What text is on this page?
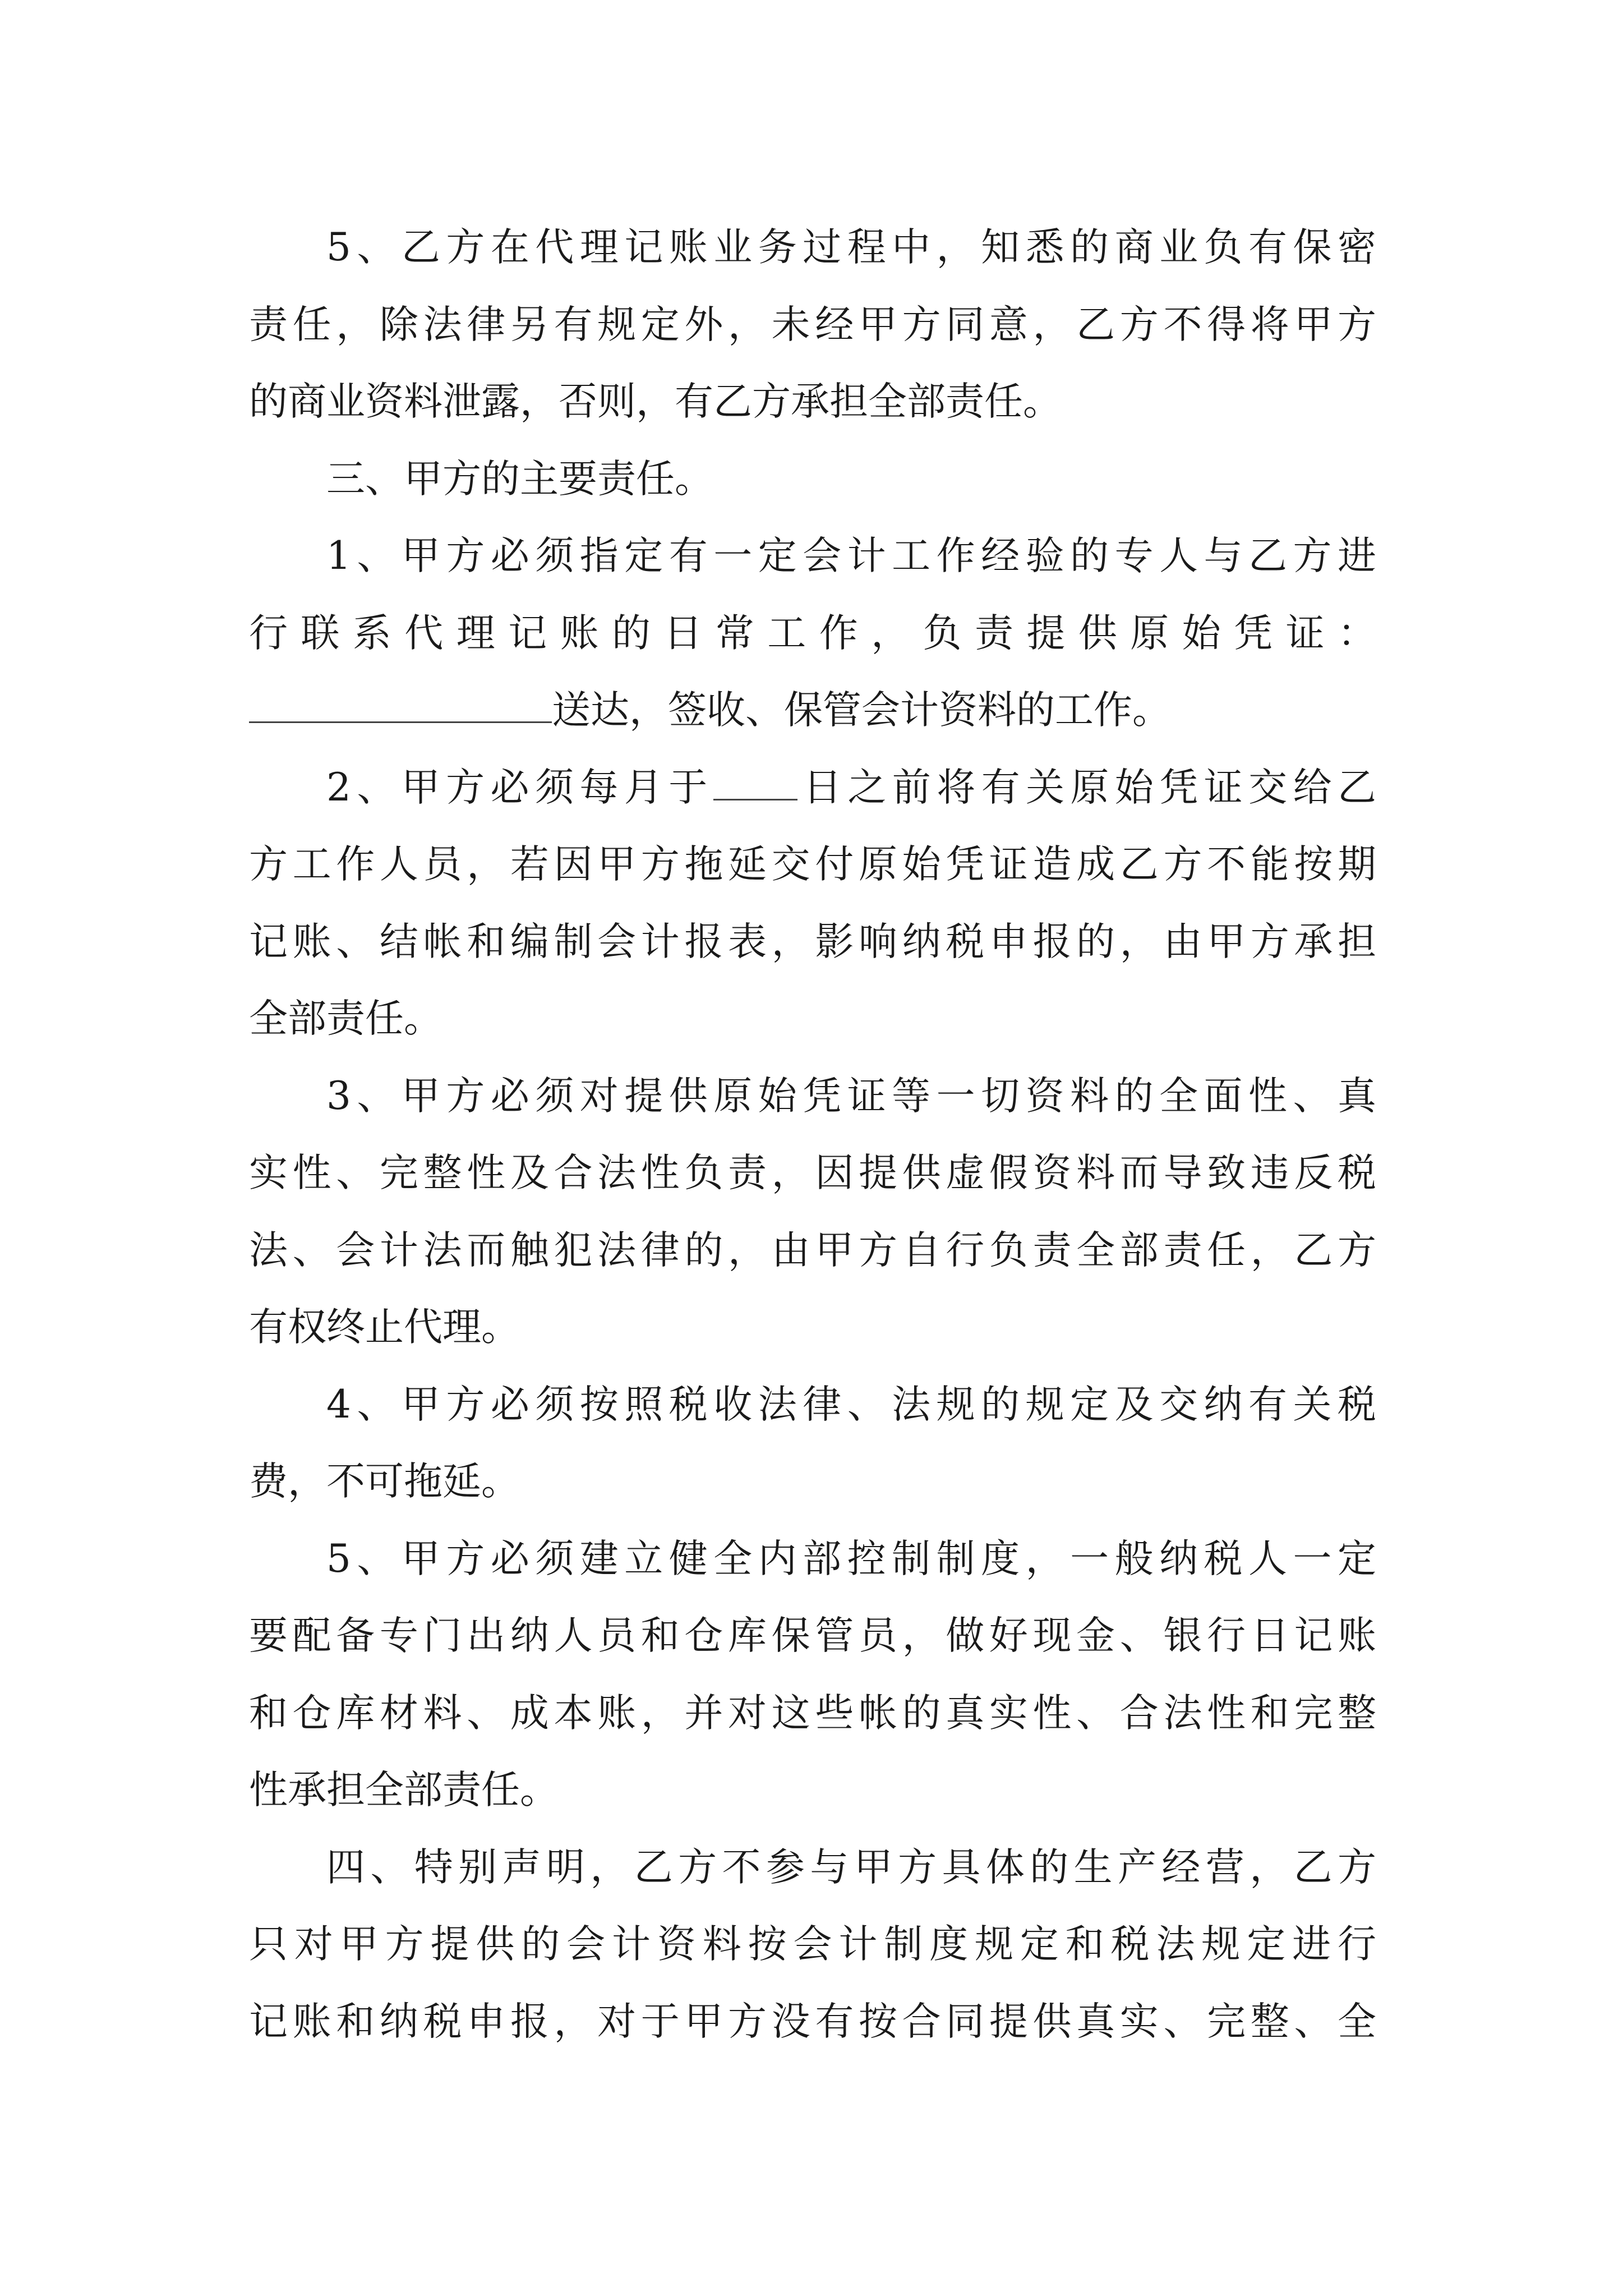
5、乙方在代理记账业务过程中，知悉的商业负有保密
责任，除法律另有规定外，未经甲方同意，乙方不得将甲方
的商业资料泄露，否则，有乙方承担全部责任。
三、甲方的主要责任。
1、甲方必须指定有一定会计工作经验的专人与乙方进
行联系代理记账的日常工作，负责提供原始凭证：
送达，签收、保管会计资料的工作。
2、甲方必须每月于 日之前将有关原始凭证交给乙
方工作人员，若因甲方拖延交付原始凭证造成乙方不能按期
记账、结帐和编制会计报表，影响纳税申报的，由甲方承担
全部责任。
3、甲方必须对提供原始凭证等一切资料的全面性、真
实性、完整性及合法性负责，因提供虚假资料而导致违反税
法、会计法而触犯法律的，由甲方自行负责全部责任，乙方
有权终止代理。
4、甲方必须按照税收法律、法规的规定及交纳有关税
费，不可拖延。
5、甲方必须建立健全内部控制制度，一般纳税人一定
要配备专门出纳人员和仓库保管员，做好现金、银行日记账
和仓库材料、成本账，并对这些帐的真实性、合法性和完整
性承担全部责任。
四、特别声明，乙方不参与甲方具体的生产经营，乙方
只对甲方提供的会计资料按会计制度规定和税法规定进行
记账和纳税申报，对于甲方没有按合同提供真实、完整、全
